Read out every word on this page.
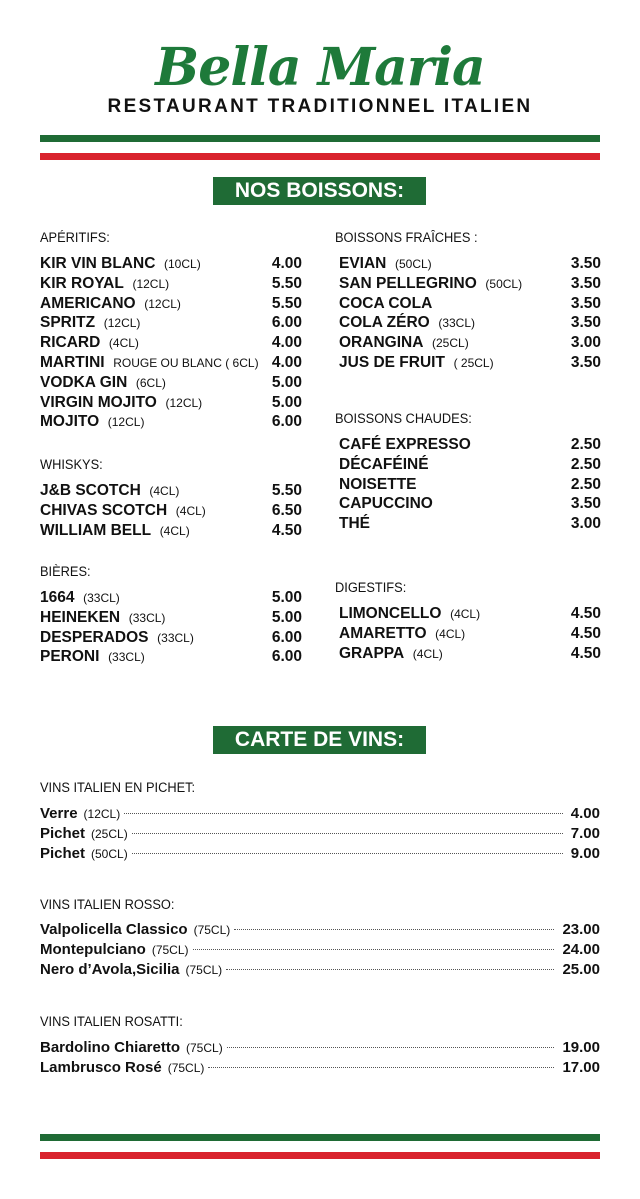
Bella Maria
RESTAURANT TRADITIONNEL ITALIEN
NOS BOISSONS:
APÉRITIFS:
KIR VIN BLANC (10CL)	4.00
KIR ROYAL (12CL)	5.50
AMERICANO (12CL)	5.50
SPRITZ (12CL)	6.00
RICARD (4CL)	4.00
MARTINI ROUGE OU BLANC ( 6CL) 4.00
VODKA GIN (6CL)	5.00
VIRGIN MOJITO (12CL)	5.00
MOJITO (12CL)	6.00
WHISKYS:
J&B SCOTCH (4CL)	5.50
CHIVAS SCOTCH (4CL)	6.50
WILLIAM BELL (4CL)	4.50
BIÈRES:
1664 (33CL)	5.00
HEINEKEN (33CL)	5.00
DESPERADOS (33CL)	6.00
PERONI (33CL)	6.00
BOISSONS FRAÎCHES :
EVIAN (50CL)	3.50
SAN PELLEGRINO (50CL)	3.50
COCA COLA	3.50
COLA ZÉRO (33CL)	3.50
ORANGINA (25CL)	3.00
JUS DE FRUIT ( 25CL)	3.50
BOISSONS CHAUDES:
CAFÉ EXPRESSO	2.50
DÉCAFÉINÉ	2.50
NOISETTE	2.50
CAPUCCINO	3.50
THÉ	3.00
DIGESTIFS:
LIMONCELLO (4CL)	4.50
AMARETTO (4CL)	4.50
GRAPPA (4CL)	4.50
CARTE DE VINS:
VINS ITALIEN EN PICHET:
Verre (12CL)	4.00
Pichet (25CL)	7.00
Pichet (50CL)	9.00
VINS ITALIEN ROSSO:
Valpolicella Classico (75CL)	23.00
Montepulciano (75CL)	24.00
Nero d’Avola,Sicilia (75CL)	25.00
VINS ITALIEN ROSATTI:
Bardolino Chiaretto (75CL)	19.00
Lambrusco Rosé (75CL)	17.00
